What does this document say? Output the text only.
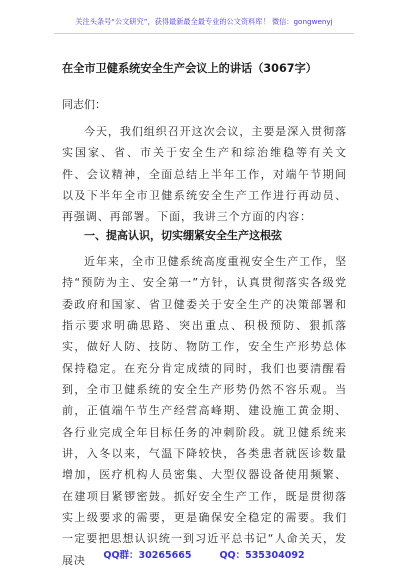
关注头条号“公文研究”，获得最新最全最专业的公文资料库！ 微信：gongwenyj
在全市卫健系统安全生产会议上的讲话（3067字）
同志们：

今天，我们组织召开这次会议，主要是深入贯彻落实国家、省、市关于安全生产和综治维稳等有关文件、会议精神，全面总结上半年工作，对端午节期间以及下半年全市卫健系统安全生产工作进行再动员、再强调、再部署。下面，我讲三个方面的内容：

一、提高认识，切实绷紧安全生产这根弦

近年来，全市卫健系统高度重视安全生产工作，坚持“预防为主、安全第一”方针，认真贯彻落实各级党委政府和国家、省卫健委关于安全生产的决策部署和指示要求明确思路、突出重点、积极预防、狠抓落实，做好人防、技防、物防工作，安全生产形势总体保持稳定。在充分肯定成绩的同时，我们也要清醒看到，全市卫健系统的安全生产形势仍然不容乐观。当前，正值端午节生产经营高峰期、建设施工黄金期、各行业完成全年目标任务的冲刺阶段。就卫健系统来讲，入冬以来，气温下降较快，各类患者就医诊数量增加，医疗机构人员密集、大型仪器设备使用频繁、在建项目紧锣密鼓。抓好安全生产工作，既是贯彻落实上级要求的需要，更是确保安全稳定的需要。我们一定要把思想认识统一到习近平总书记“人命关天，发展决	QQ群：30265665	QQ：535304092
